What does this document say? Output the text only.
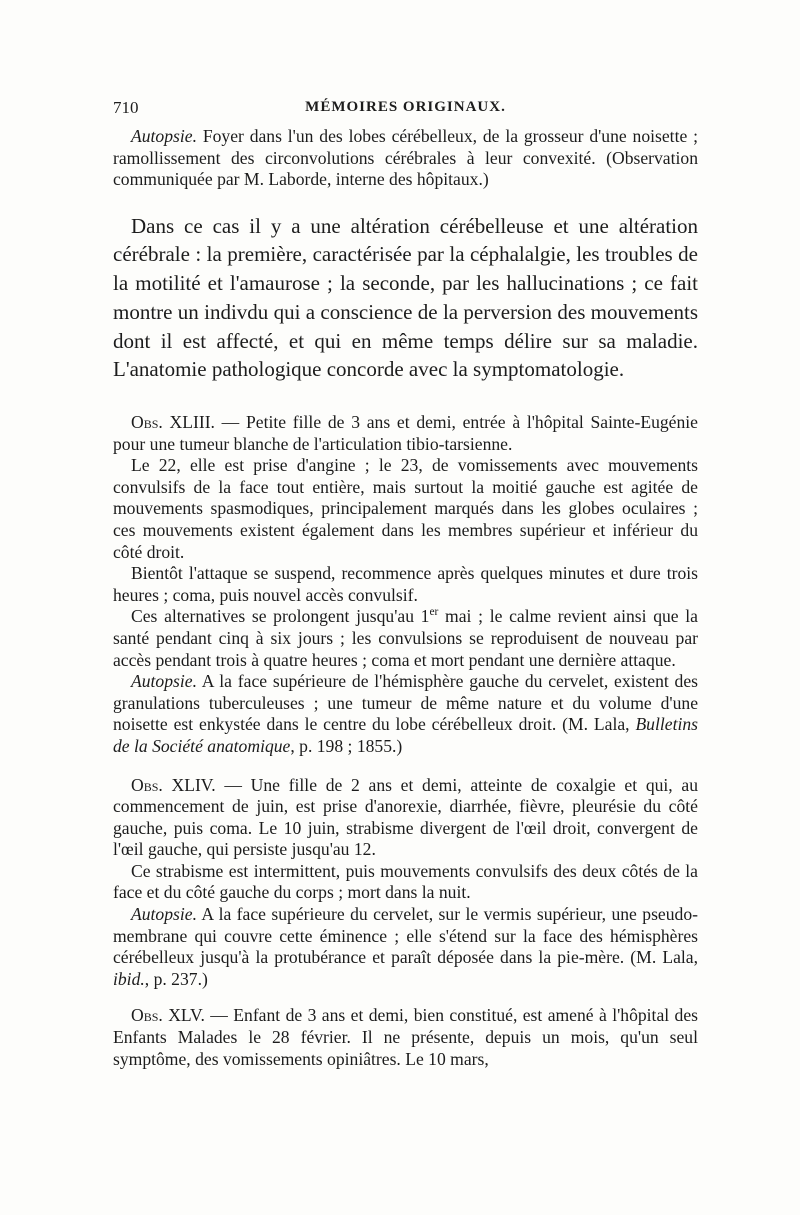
710	MÉMOIRES ORIGINAUX.

Autopsie. Foyer dans l'un des lobes cérébelleux, de la grosseur d'une noisette ; ramollissement des circonvolutions cérébrales à leur convexité. (Observation communiquée par M. Laborde, interne des hôpitaux.)

Dans ce cas il y a une altération cérébelleuse et une altération cérébrale : la première, caractérisée par la céphalalgie, les troubles de la motilité et l'amaurose ; la seconde, par les hallucinations ; ce fait montre un indivdu qui a conscience de la perversion des mouvements dont il est affecté, et qui en même temps délire sur sa maladie. L'anatomie pathologique concorde avec la symptomatologie.

Obs. XLIII. — Petite fille de 3 ans et demi, entrée à l'hôpital Sainte-Eugénie pour une tumeur blanche de l'articulation tibio-tarsienne.

Le 22, elle est prise d'angine ; le 23, de vomissements avec mouvements convulsifs de la face tout entière, mais surtout la moitié gauche est agitée de mouvements spasmodiques, principalement marqués dans les globes oculaires ; ces mouvements existent également dans les membres supérieur et inférieur du côté droit.

Bientôt l'attaque se suspend, recommence après quelques minutes et dure trois heures ; coma, puis nouvel accès convulsif.

Ces alternatives se prolongent jusqu'au 1er mai ; le calme revient ainsi que la santé pendant cinq à six jours ; les convulsions se reproduisent de nouveau par accès pendant trois à quatre heures ; coma et mort pendant une dernière attaque.

Autopsie. A la face supérieure de l'hémisphère gauche du cervelet, existent des granulations tuberculeuses ; une tumeur de même nature et du volume d'une noisette est enkystée dans le centre du lobe cérébelleux droit. (M. Lala, Bulletins de la Société anatomique, p. 198 ; 1855.)

Obs. XLIV. — Une fille de 2 ans et demi, atteinte de coxalgie et qui, au commencement de juin, est prise d'anorexie, diarrhée, fièvre, pleurésie du côté gauche, puis coma. Le 10 juin, strabisme divergent de l'œil droit, convergent de l'œil gauche, qui persiste jusqu'au 12.

Ce strabisme est intermittent, puis mouvements convulsifs des deux côtés de la face et du côté gauche du corps ; mort dans la nuit.

Autopsie. A la face supérieure du cervelet, sur le vermis supérieur, une pseudo-membrane qui couvre cette éminence ; elle s'étend sur la face des hémisphères cérébelleux jusqu'à la protubérance et paraît déposée dans la pie-mère. (M. Lala, ibid., p. 237.)

Obs. XLV. — Enfant de 3 ans et demi, bien constitué, est amené à l'hôpital des Enfants Malades le 28 février. Il ne présente, depuis un mois, qu'un seul symptôme, des vomissements opiniâtres. Le 10 mars,
